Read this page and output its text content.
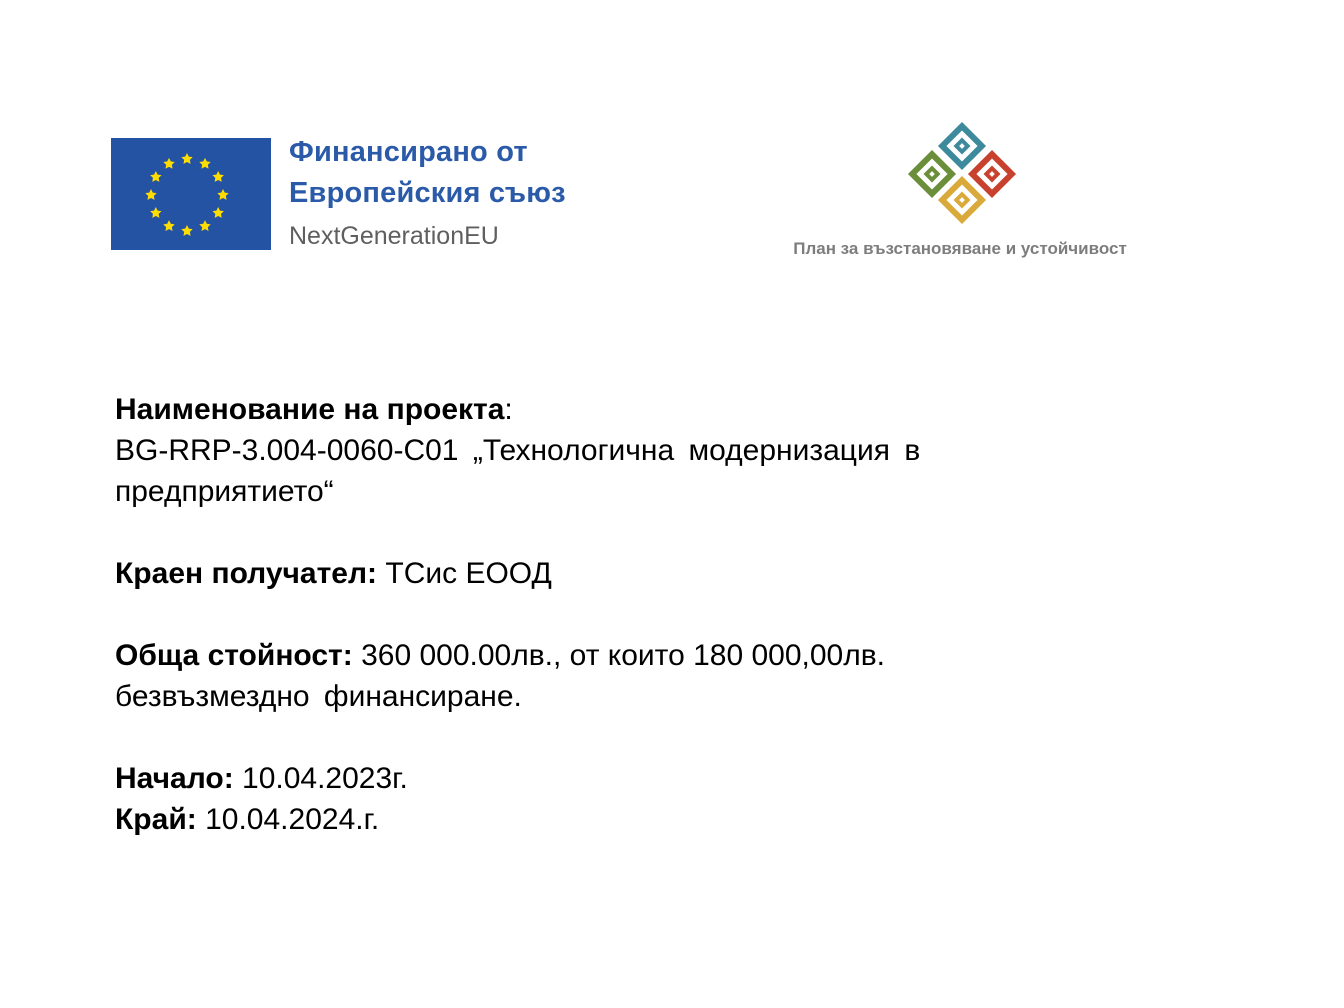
Финансирано от
Европейския съюз
NextGenerationEU	План за възстановяване и устойчивост

Наименование на проекта:

BG-RRP-3.004-0060-C01 „Технологична модернизация в

предприятието“

Краен получател: ТСис ЕООД

Обща стойност: 360 000.00лв., от които 180 000,00лв.

безвъзмездно финансиране.

Начало: 10.04.2023г.

Край: 10.04.2024.г.
